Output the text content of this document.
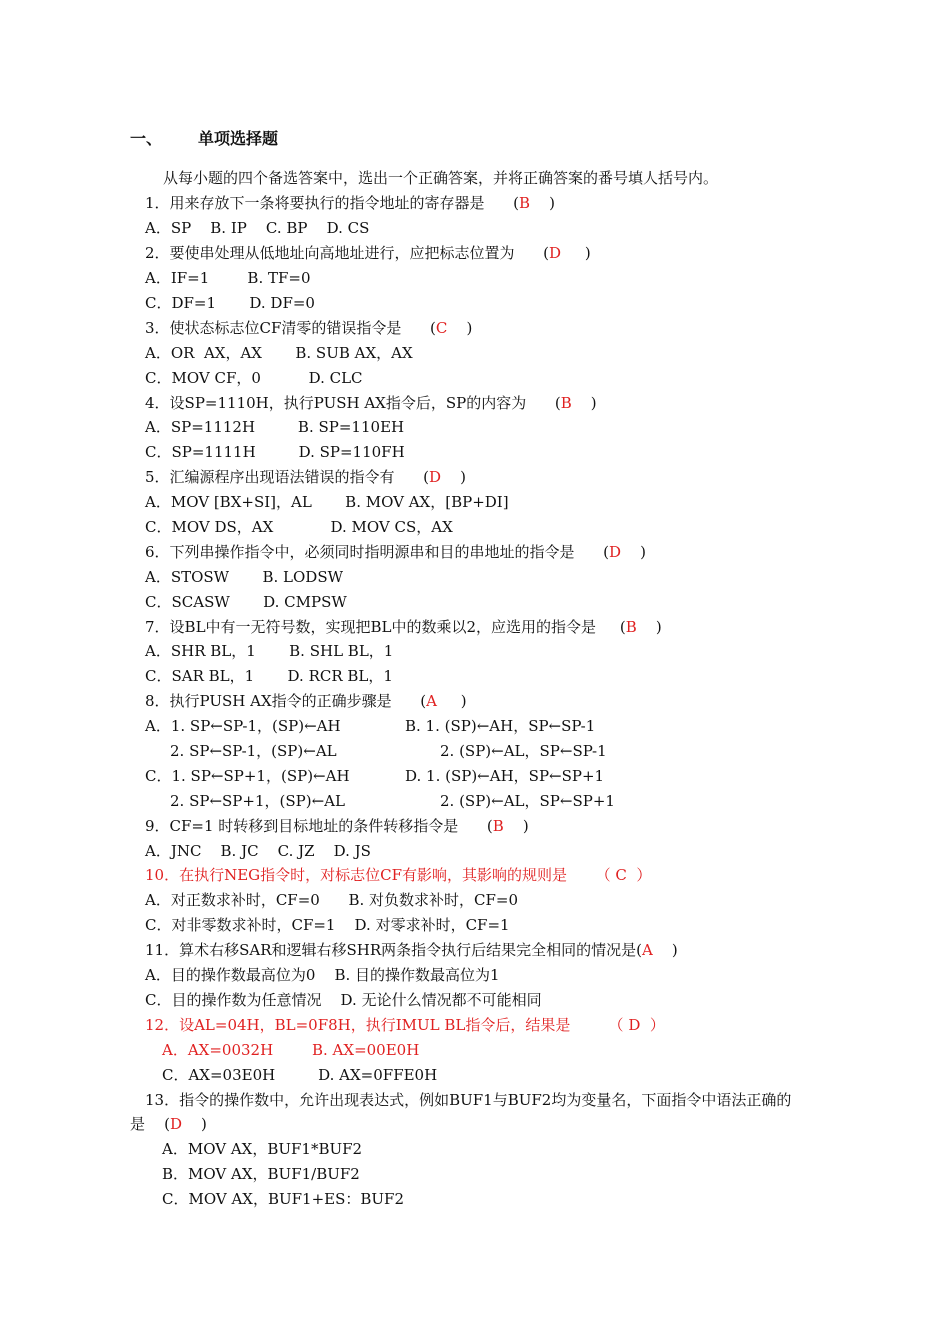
一、 单项选择题
从每小题的四个备选答案中，选出一个正确答案，并将正确答案的番号填人括号内。
1．用来存放下一条将要执行的指令地址的寄存器是      (B    )
A．SP    B. IP    C. BP    D. CS
2．要使串处理从低地址向高地址进行，应把标志位置为      (D     )
A．IF=1        B. TF=0
C．DF=1       D. DF=0
3．使状态标志位CF清零的错误指令是      (C    )
A．OR  AX，AX       B. SUB AX，AX
C．MOV CF，0          D. CLC
4．设SP=1110H，执行PUSH AX指令后，SP的内容为      (B    )
A．SP=1112H         B. SP=110EH
C．SP=1111H         D. SP=110FH
5．汇编源程序出现语法错误的指令有      (D    )
A．MOV [BX+SI]，AL       B. MOV AX，[BP+DI]
C．MOV DS，AX            D. MOV CS，AX
6．下列串操作指令中，必须同时指明源串和目的串地址的指令是      (D    )
A．STOSW       B. LODSW
C．SCASW       D. CMPSW
7．设BL中有一无符号数，实现把BL中的数乘以2，应选用的指令是     (B    )
A．SHR BL，1       B. SHL BL，1
C．SAR BL，1       D. RCR BL，1
8．执行PUSH AX指令的正确步骤是      (A     )
A．1. SP←SP-1，(SP)←AH	B. 1. (SP)←AH，SP←SP-1
2. SP←SP-1，(SP)←AL	2. (SP)←AL，SP←SP-1
C．1. SP←SP+1，(SP)←AH	D. 1. (SP)←AH，SP←SP+1
2. SP←SP+1，(SP)←AL	2. (SP)←AL，SP←SP+1
9．CF=1 时转移到目标地址的条件转移指令是      (B    )
A．JNC    B. JC    C. JZ    D. JS
10．在执行NEG指令时，对标志位CF有影响，其影响的规则是 （ C  ）
A．对正数求补时，CF=0      B. 对负数求补时，CF=0
C．对非零数求补时，CF=1    D. 对零求补时，CF=1
11．算术右移SAR和逻辑右移SHR两条指令执行后结果完全相同的情况是(A    )
A．目的操作数最高位为0    B. 目的操作数最高位为1
C．目的操作数为任意情况    D. 无论什么情况都不可能相同
12．设AL=04H，BL=0F8H，执行IMUL BL指令后，结果是	（ D  ）
A．AX=0032H	B. AX=00E0H
C．AX=03E0H         D. AX=0FFE0H
13．指令的操作数中，允许出现表达式，例如BUF1与BUF2均为变量名，下面指令中语法正确的
是    (D    )
A．MOV AX，BUF1*BUF2
B．MOV AX，BUF1/BUF2
C．MOV AX，BUF1+ES：BUF2
